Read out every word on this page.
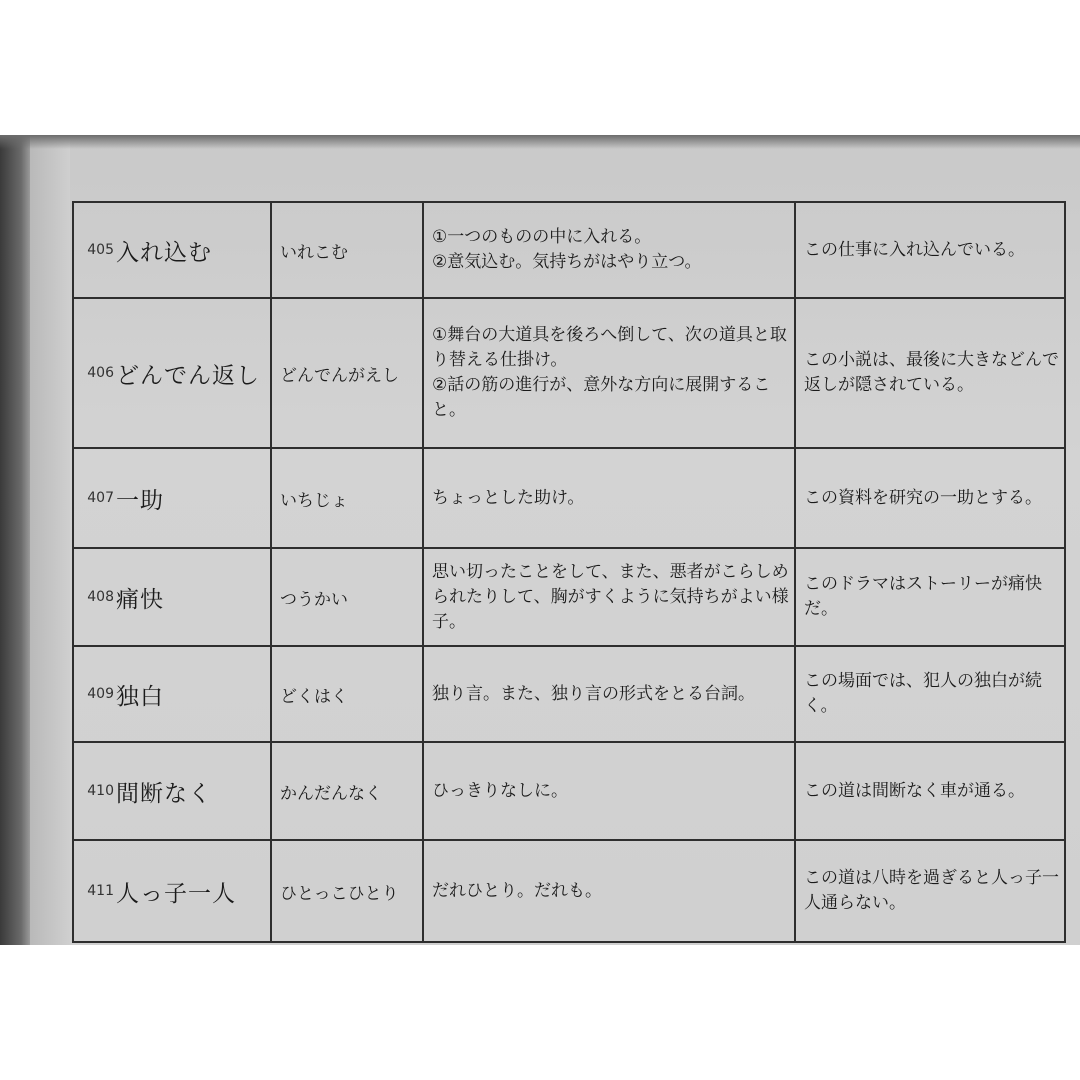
405入れ込む	いれこむ	①一つのものの中に入れる。
②意気込む。気持ちがはやり立つ。	この仕事に入れ込んでいる。

406どんでん返し	どんでんがえし	①舞台の大道具を後ろへ倒して、次の道具と取り替える仕掛け。
②話の筋の進行が、意外な方向に展開すること。	この小説は、最後に大きなどんで返しが隠されている。

407一助	いちじょ	ちょっとした助け。	この資料を研究の一助とする。

408痛快	つうかい	思い切ったことをして、また、悪者がこらしめられたりして、胸がすくように気持ちがよい様子。	このドラマはストーリーが痛快だ。

409独白	どくはく	独り言。また、独り言の形式をとる台詞。	この場面では、犯人の独白が続く。

410間断なく	かんだんなく	ひっきりなしに。	この道は間断なく車が通る。

411人っ子一人	ひとっこひとり	だれひとり。だれも。	この道は八時を過ぎると人っ子一人通らない。
